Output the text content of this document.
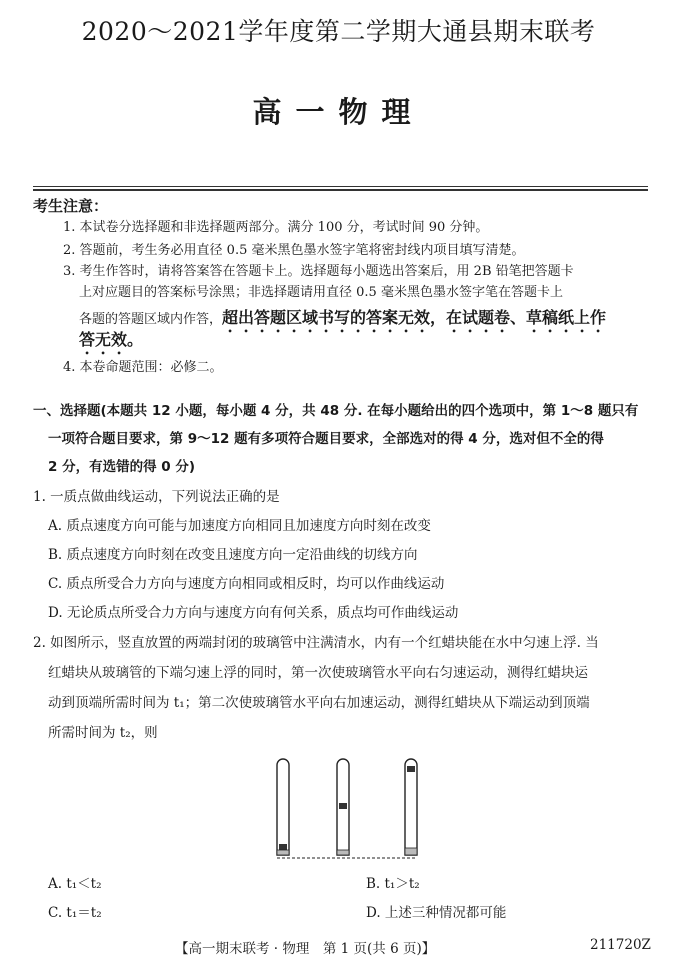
2020～2021学年度第二学期大通县期末联考
高一物理
考生注意：
1. 本试卷分选择题和非选择题两部分。满分 100 分，考试时间 90 分钟。
2. 答题前，考生务必用直径 0.5 毫米黑色墨水签字笔将密封线内项目填写清楚。
3. 考生作答时，请将答案答在答题卡上。选择题每小题选出答案后，用 2B 铅笔把答题卡
上对应题目的答案标号涂黑；非选择题请用直径 0.5 毫米黑色墨水签字笔在答题卡上
各题的答题区域内作答，超出答题区域书写的答案无效，在试题卷、草稿纸上作
答无效。
4. 本卷命题范围：必修二。
一、选择题(本题共 12 小题，每小题 4 分，共 48 分. 在每小题给出的四个选项中，第 1～8 题只有
一项符合题目要求，第 9～12 题有多项符合题目要求，全部选对的得 4 分，选对但不全的得
2 分，有选错的得 0 分)
1. 一质点做曲线运动，下列说法正确的是
A. 质点速度方向可能与加速度方向相同且加速度方向时刻在改变
B. 质点速度方向时刻在改变且速度方向一定沿曲线的切线方向
C. 质点所受合力方向与速度方向相同或相反时，均可以作曲线运动
D. 无论质点所受合力方向与速度方向有何关系，质点均可作曲线运动
2. 如图所示，竖直放置的两端封闭的玻璃管中注满清水，内有一个红蜡块能在水中匀速上浮. 当
红蜡块从玻璃管的下端匀速上浮的同时，第一次使玻璃管水平向右匀速运动，测得红蜡块运
动到顶端所需时间为 t₁；第二次使玻璃管水平向右加速运动，测得红蜡块从下端运动到顶端
所需时间为 t₂，则
A. t₁＜t₂	B. t₁＞t₂
C. t₁＝t₂	D. 上述三种情况都可能
【高一期末联考 · 物理　第 1 页(共 6 页)】	211720Z
